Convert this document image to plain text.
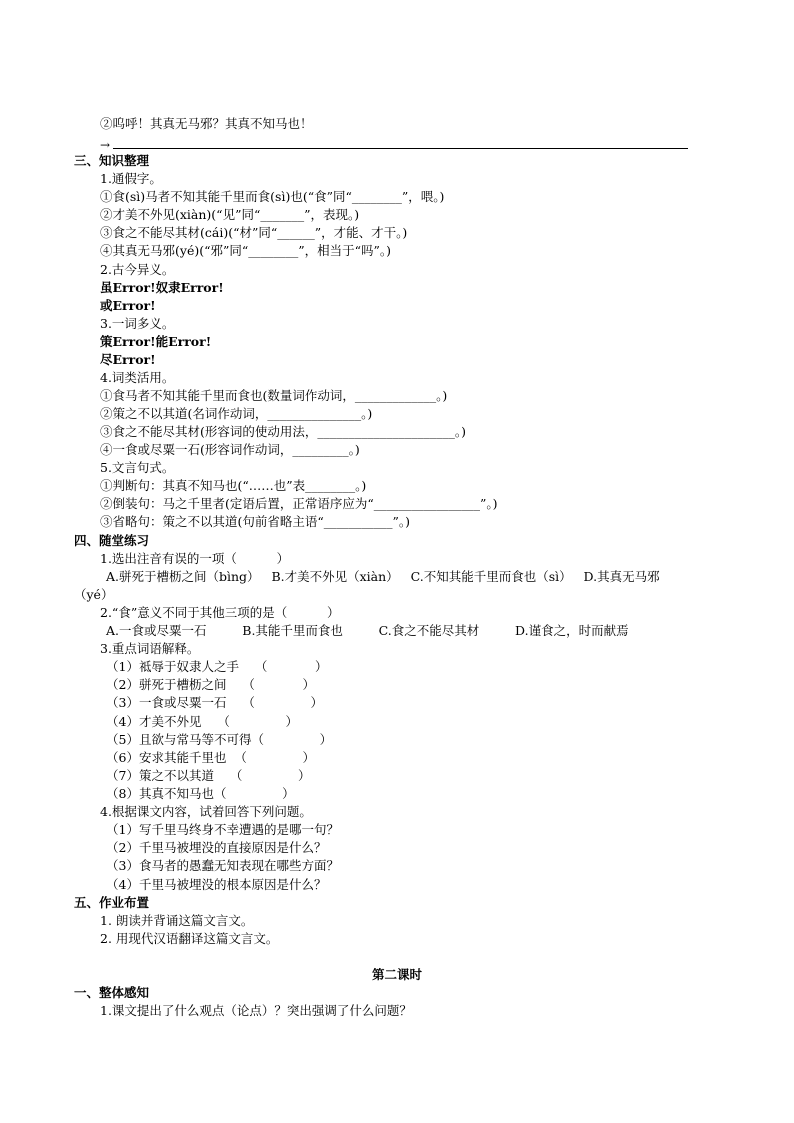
②呜呼！其真无马邪？其真不知马也！
→
三、知识整理
1.通假字。
①食(sì)马者不知其能千里而食(sì)也(“食”同“________”，喂。)
②才美不外见(xiàn)(“见”同“_______”，表现。)
③食之不能尽其材(cái)(“材”同“______”，才能、才干。)
④其真无马邪(yé)(“邪”同“________”，相当于“吗”。)
2.古今异义。
虽Error!奴隶Error!
或Error!
3.一词多义。
策Error!能Error!
尽Error!
4.词类活用。
①食马者不知其能千里而食也(数量词作动词，_____________。)
②策之不以其道(名词作动词，_______________。)
③食之不能尽其材(形容词的使动用法，______________________。)
④一食或尽粟一石(形容词作动词，_________。)
5.文言句式。
①判断句：其真不知马也(“……也”表________。)
②倒装句：马之千里者(定语后置，正常语序应为“_________________”。)
③省略句：策之不以其道(句前省略主语“___________”。)
四、随堂练习
1.选出注音有误的一项（          ）
A.骈死于槽枥之间（bìng）   B.才美不外见（xiàn）   C.不知其能千里而食也（sì）   D.其真无马邪
（yé）
2.“食”意义不同于其他三项的是（          ）
A.一食或尽粟一石         B.其能千里而食也         C.食之不能尽其材         D.谨食之，时而献焉
3.重点词语解释。
（1）祗辱于奴隶人之手    （            ）
（2）骈死于槽枥之间    （            ）
（3）一食或尽粟一石    （              ）
（4）才美不外见    （              ）
（5）且欲与常马等不可得（              ）
（6）安求其能千里也  （              ）
（7）策之不以其道    （              ）
（8）其真不知马也（              ）
4.根据课文内容，试着回答下列问题。
（1）写千里马终身不幸遭遇的是哪一句？
（2）千里马被埋没的直接原因是什么？
（3）食马者的愚蠢无知表现在哪些方面？
（4）千里马被埋没的根本原因是什么？
五、作业布置
1. 朗读并背诵这篇文言文。
2. 用现代汉语翻译这篇文言文。
第二课时
一、整体感知
1.课文提出了什么观点（论点）？突出强调了什么问题？
